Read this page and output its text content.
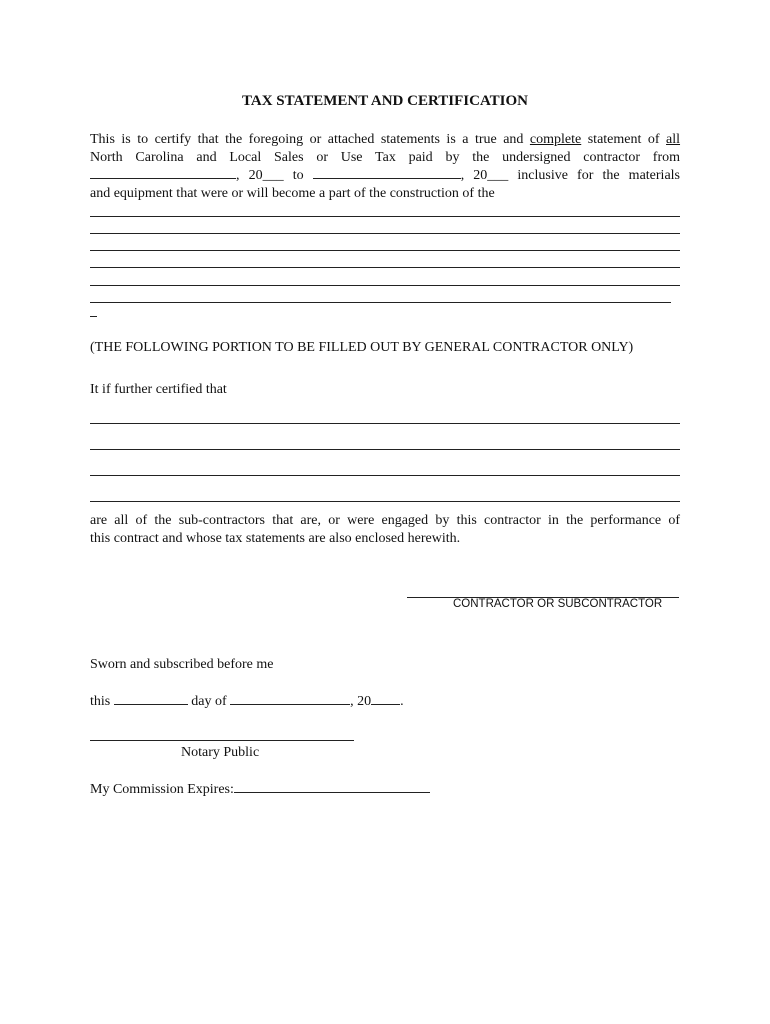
TAX STATEMENT AND CERTIFICATION
This is to certify that the foregoing or attached statements is a true and complete statement of all
North Carolina and Local Sales or Use Tax paid by the undersigned contractor from
, 20___ to	, 20___ inclusive for the materials
and equipment that were or will become a part of the construction of the
(THE FOLLOWING PORTION TO BE FILLED OUT BY GENERAL CONTRACTOR ONLY)
It if further certified that
are all of the sub-contractors that are, or were engaged by this contractor in the performance of
this contract and whose tax statements are also enclosed herewith.
CONTRACTOR OR SUBCONTRACTOR
Sworn and subscribed before me
this	day of	, 20 .
Notary Public
My Commission Expires:
